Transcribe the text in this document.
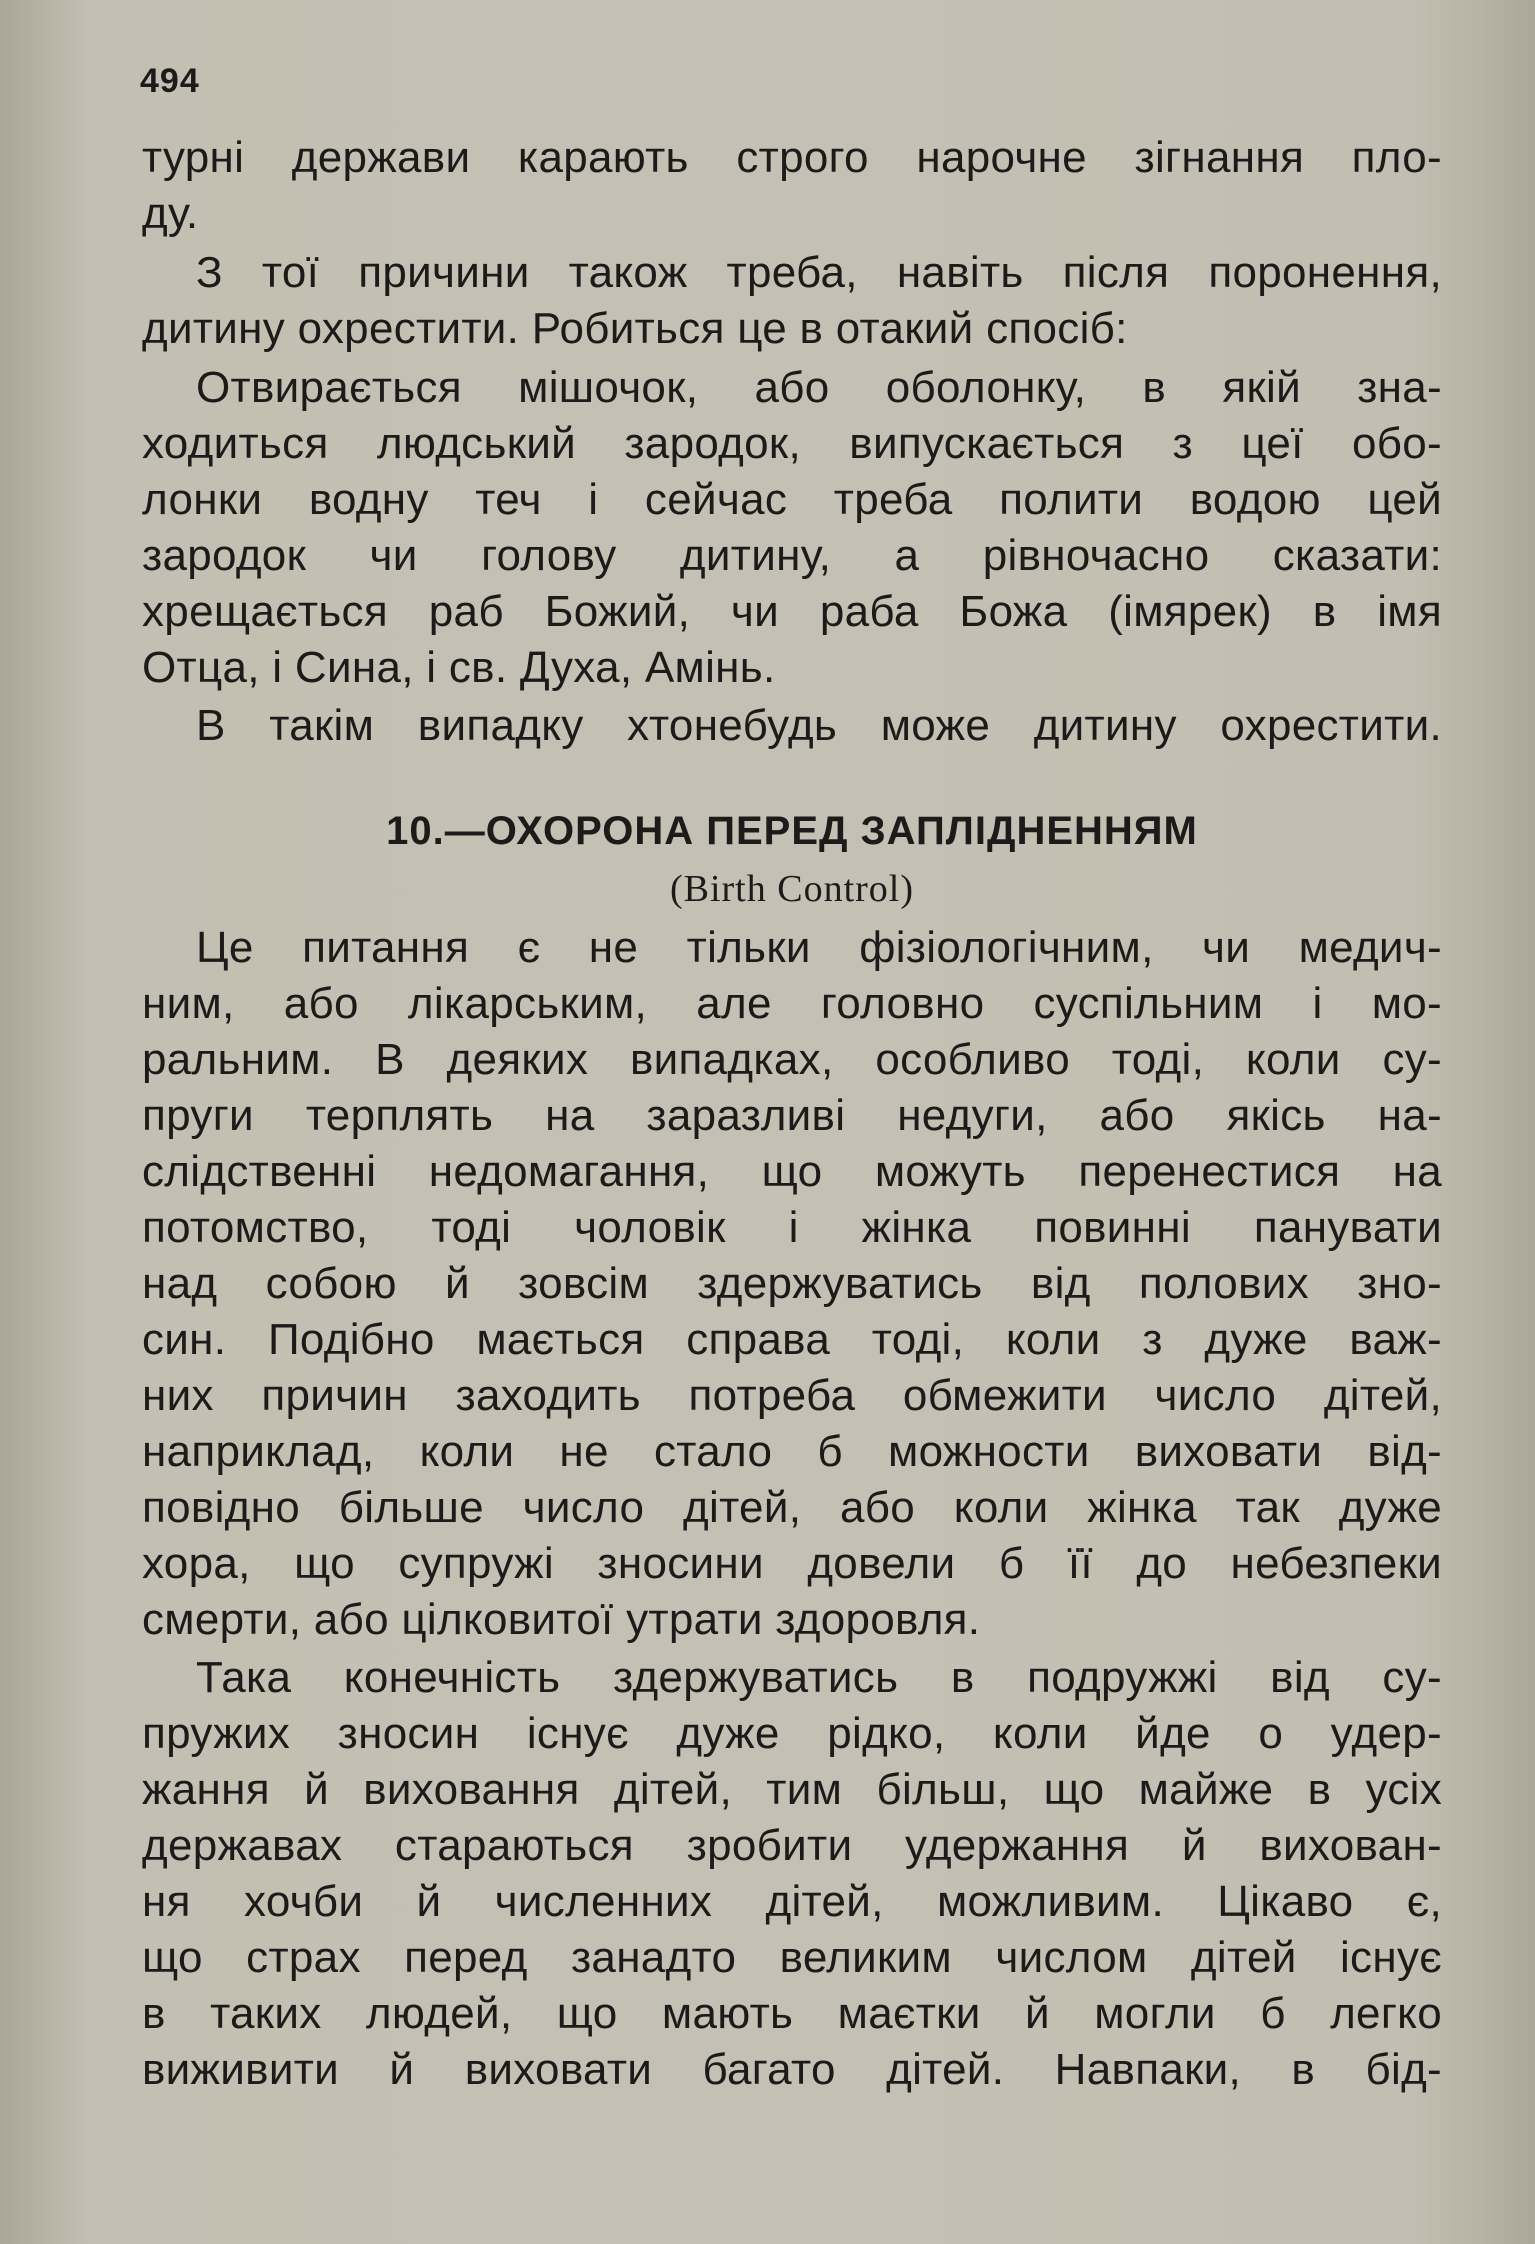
494
турні держави карають строго нарочне зігнання пло-
ду.
З тої причини також треба, навіть після поронення,
дитину охрестити. Робиться це в отакий спосіб:
Отвирається мішочок, або оболонку, в якій зна-
ходиться людський зародок, випускається з цеї обо-
лонки водну теч і сейчас треба полити водою цей
зародок чи голову дитину, а рівночасно сказати:
хрещається раб Божий, чи раба Божа (імярек) в імя
Отца, і Сина, і св. Духа, Амінь.
В такім випадку хтонебудь може дитину охрестити.
10.—ОХОРОНА ПЕРЕД ЗАПЛІДНЕННЯМ
(Birth Control)
Це питання є не тільки фізіологічним, чи медич-
ним, або лікарським, але головно суспільним і мо-
ральним. В деяких випадках, особливо тоді, коли су-
пруги терплять на заразливі недуги, або якісь на-
слідственні недомагання, що можуть перенестися на
потомство, тоді чоловік і жінка повинні панувати
над собою й зовсім здержуватись від полових зно-
син. Подібно мається справа тоді, коли з дуже важ-
них причин заходить потреба обмежити число дітей,
наприклад, коли не стало б можности виховати від-
повідно більше число дітей, або коли жінка так дуже
хора, що супружі зносини довели б її до небезпеки
смерти, або цілковитої утрати здоровля.
Така конечність здержуватись в подружжі від су-
пружих зносин існує дуже рідко, коли йде о удер-
жання й виховання дітей, тим більш, що майже в усіх
державах стараються зробити удержання й вихован-
ня хочби й численних дітей, можливим. Цікаво є,
що страх перед занадто великим числом дітей існує
в таких людей, що мають маєтки й могли б легко
виживити й виховати багато дітей. Навпаки, в бід-
